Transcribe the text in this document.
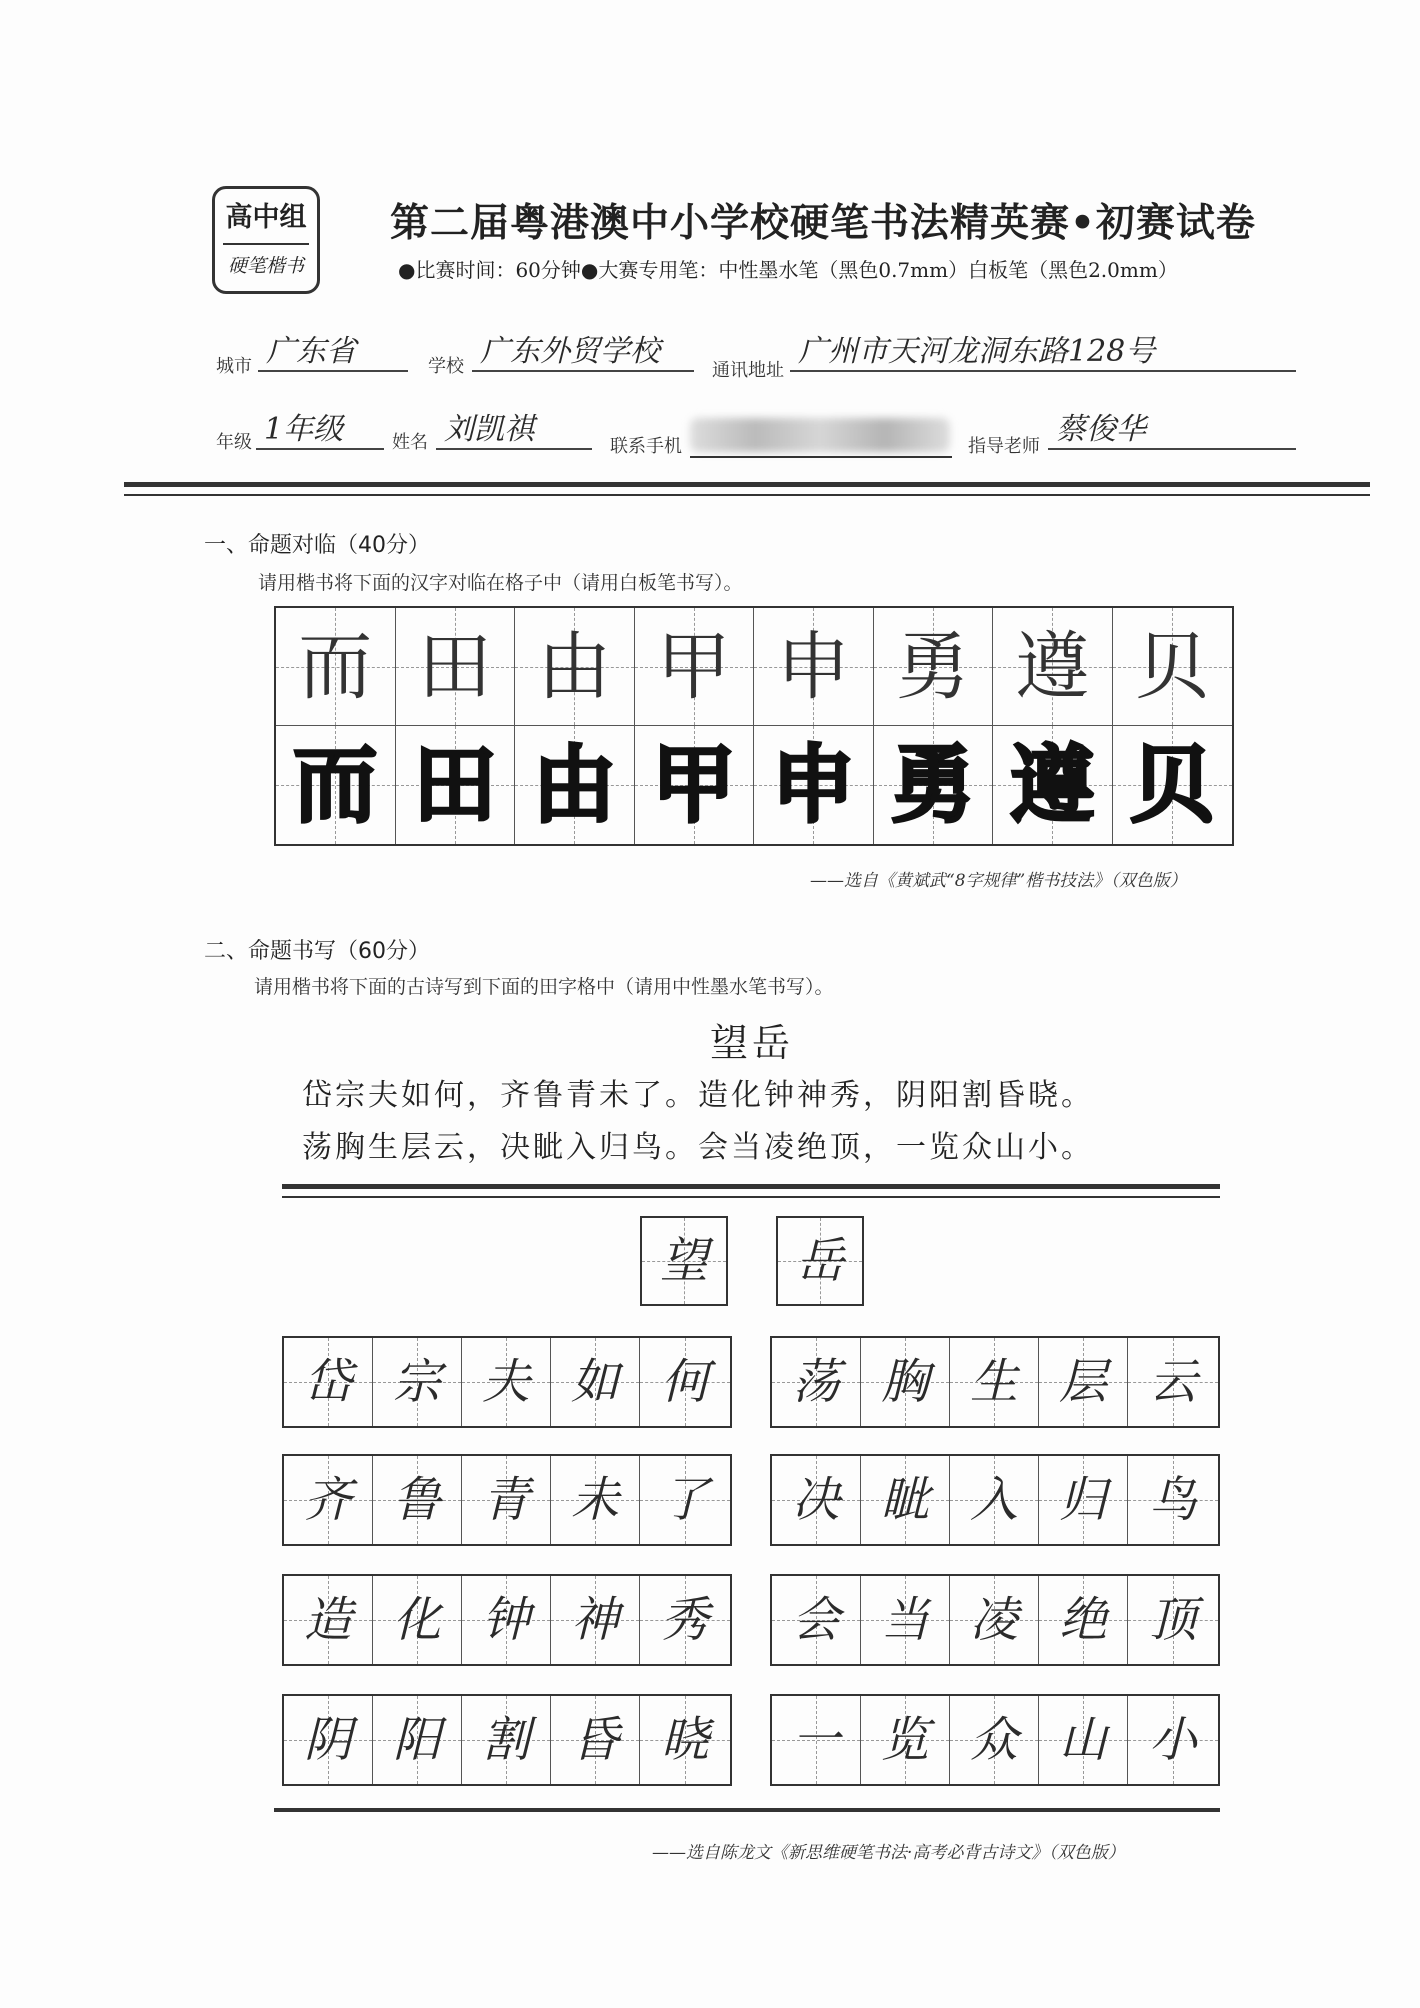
高中组
硬笔楷书
第二届粤港澳中小学校硬笔书法精英赛•初赛试卷
●比赛时间：60分钟●大赛专用笔：中性墨水笔（黑色0.7mm）白板笔（黑色2.0mm）
城市 广东省	学校 广东外贸学校
通讯地址
广州市天河龙洞东路128号
年级 1年级	姓名 刘凯祺	联系手机	指导老师 蔡俊华
一、命题对临（40分）
请用楷书将下面的汉字对临在格子中（请用白板笔书写）。
而 田 由 甲 申 勇 遵 贝
而 田 由 甲 申 勇 遵 贝
——选自《黄斌武“8字规律”楷书技法》（双色版）
二、命题书写（60分）
请用楷书将下面的古诗写到下面的田字格中（请用中性墨水笔书写）。
望岳
岱宗夫如何，齐鲁青未了。造化钟神秀，阴阳割昏晓。
荡胸生层云，决眦入归鸟。会当凌绝顶，一览众山小。
望 岳
岱 宗 夫 如 何
齐 鲁 青 未 了
造 化 钟 神 秀
阴 阳 割 昏 晓
荡 胸 生 层 云
决 眦 入 归 鸟
会 当 凌 绝 顶
一 览 众 山 小
——选自陈龙文《新思维硬笔书法·高考必背古诗文》（双色版）
